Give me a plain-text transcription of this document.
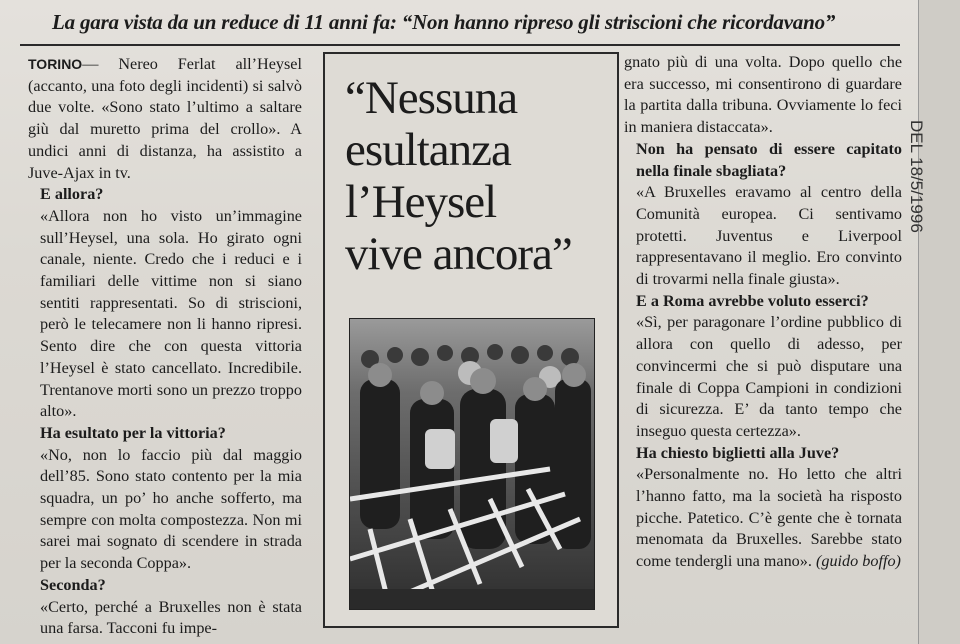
La gara vista da un reduce di 11 anni fa: “Non hanno ripreso gli striscioni che ricordavano”

TORINO— Nereo Ferlat all’Heysel (accanto, una foto degli incidenti) si salvò due volte. «Sono stato l’ultimo a saltare giù dal muretto prima del crollo». A undici anni di distanza, ha assistito a Juve-Ajax in tv.

E allora?

«Allora non ho visto un’immagine sull’Heysel, una sola. Ho girato ogni canale, niente. Credo che i reduci e i familiari delle vittime non si siano sentiti rappresentati. So di striscioni, però le telecamere non li hanno ripresi. Sento dire che con questa vittoria l’Heysel è stato cancellato. Incredibile. Trentanove morti sono un prezzo troppo alto».

Ha esultato per la vittoria?

«No, non lo faccio più dal maggio dell’85. Sono stato contento per la mia squadra, un po’ ho anche sofferto, ma sempre con molta compostezza. Non mi sarei mai sognato di scendere in strada per la seconda Coppa».

Seconda?

«Certo, perché a Bruxelles non è stata una farsa. Tacconi fu impe-

“Nessuna
esultanza
l’Heysel
vive ancora”

gnato più di una volta. Dopo quello che era successo, mi consentirono di guardare la partita dalla tribuna. Ovviamente lo feci in maniera distaccata».

Non ha pensato di essere capitato nella finale sbagliata?

«A Bruxelles eravamo al centro della Comunità europea. Ci sentivamo protetti. Juventus e Liverpool rappresentavano il meglio. Ero convinto di trovarmi nella finale giusta».

E a Roma avrebbe voluto esserci?

«Sì, per paragonare l’ordine pubblico di allora con quello di adesso, per convincermi che si può disputare una finale di Coppa Campioni in condizioni di sicurezza. E’ da tanto tempo che inseguo questa certezza».

Ha chiesto biglietti alla Juve?

«Personalmente no. Ho letto che altri l’hanno fatto, ma la società ha risposto picche. Patetico. C’è gente che è tornata menomata da Bruxelles. Sarebbe stato come tendergli una mano». (guido boffo)

DEL 18/5/1996
